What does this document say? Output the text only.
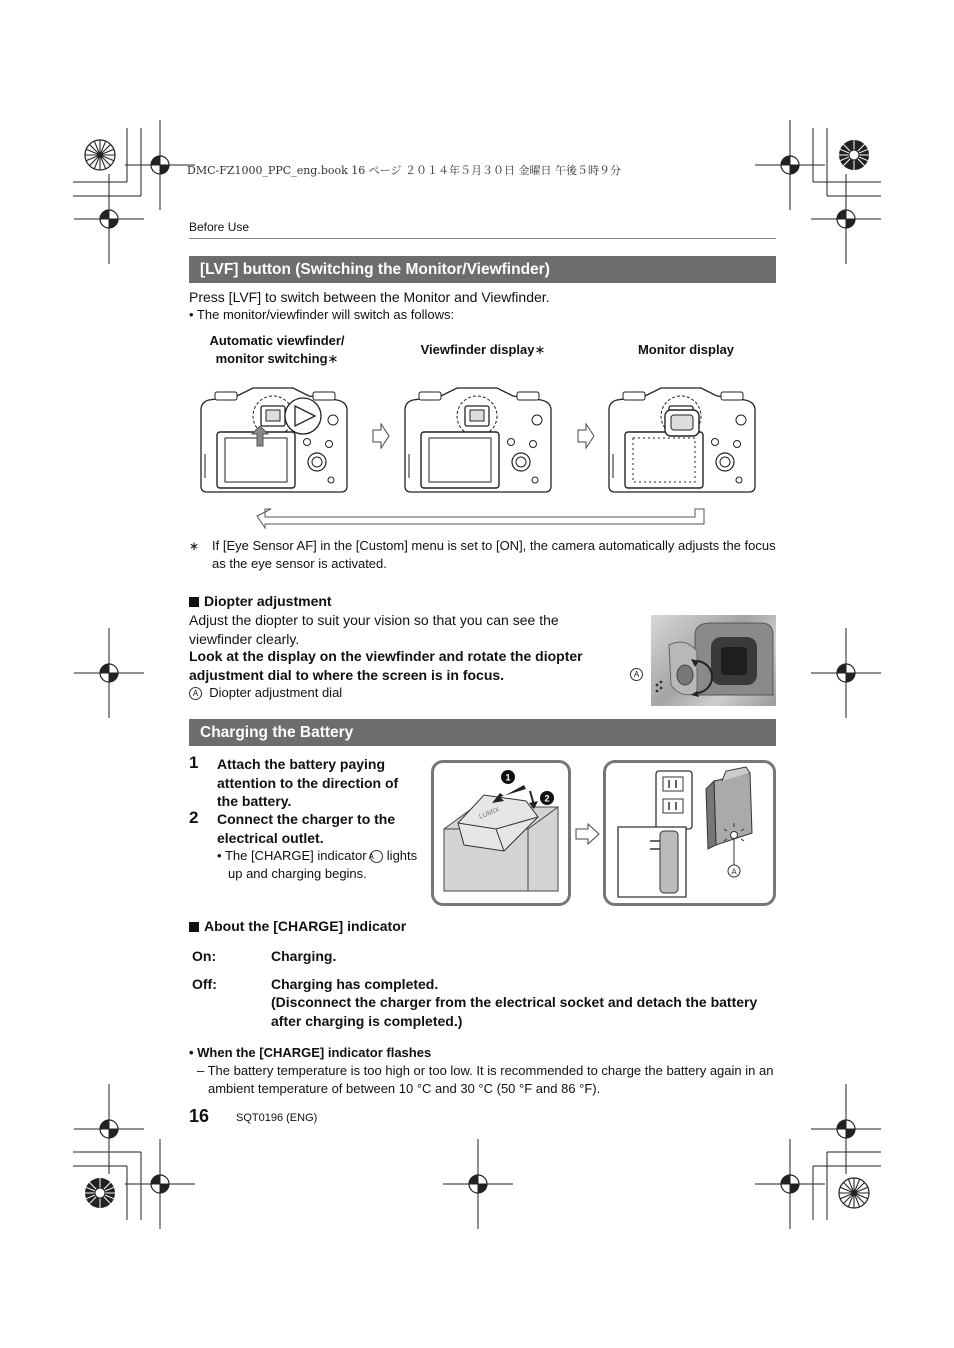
DMC-FZ1000_PPC_eng.book 16 ページ ２０１４年５月３０日 金曜日 午後５時９分
Before Use
[LVF] button (Switching the Monitor/Viewfinder)
Press [LVF] to switch between the Monitor and Viewfinder.
• The monitor/viewfinder will switch as follows:
Automatic viewfinder/
monitor switching∗
Viewfinder display∗	Monitor display
∗ If [Eye Sensor AF] in the [Custom] menu is set to [ON], the camera automatically adjusts the focus as the eye sensor is activated.
Diopter adjustment
Adjust the diopter to suit your vision so that you can see the viewfinder clearly.
Look at the display on the viewfinder and rotate the diopter adjustment dial to where the screen is in focus.
A Diopter adjustment dial
A
Charging the Battery
1 Attach the battery paying attention to the direction of the battery.
2 Connect the charger to the electrical outlet.
• The [CHARGE] indicator A lights up and charging begins.
LUMIX
1
2
A
About the [CHARGE] indicator
On:	Charging.
Off:	Charging has completed.
(Disconnect the charger from the electrical socket and detach the battery after charging is completed.)
• When the [CHARGE] indicator flashes
– The battery temperature is too high or too low. It is recommended to charge the battery again in an ambient temperature of between 10 °C and 30 °C (50 °F and 86 °F).
16 SQT0196 (ENG)
